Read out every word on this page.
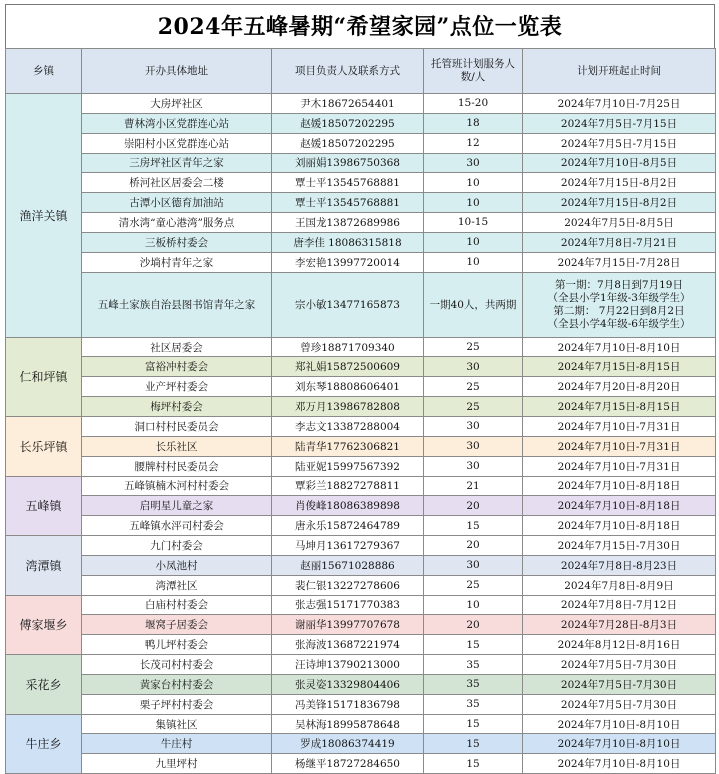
2024年五峰暑期“希望家园”点位一览表
乡镇	开办具体地址	项目负责人及联系方式	托管班计划服务人数/人	计划开班起止时间
渔洋关镇	大房坪社区	尹木18672654401	15-20	2024年7月10日-7月25日
	曹林湾小区党群连心站	赵媛18507202295	18	2024年7月5日-7月15日
	崇阳村小区党群连心站	赵媛18507202295	12	2024年7月5日-7月15日
	三房坪社区青年之家	刘丽娟13986750368	30	2024年7月10日-8月5日
	桥河社区居委会二楼	覃士平13545768881	10	2024年7月15日-8月2日
	古潭小区德育加油站	覃士平13545768881	10	2024年7月15日-8月2日
	清水湾“童心港湾”服务点	王国龙13872689986	10-15	2024年7月5日-8月5日
	三板桥村委会	唐李佳 18086315818	10	2024年7月8日-7月21日
	沙埫村青年之家	李宏艳13997720014	10	2024年7月15日-7月28日
	五峰土家族自治县图书馆青年之家	宗小敏13477165873	一期40人，共两期	第一期：7月8日到7月19日
（全县小学1年级-3年级学生）
第二期： 7月22日到8月2日
（全县小学4年级-6年级学生）

仁和坪镇	社区居委会	曾珍18871709340	25	2024年7月10日-8月10日
	富裕冲村委会	郑礼娟15872500609	30	2024年7月15日-8月15日
	业产坪村委会	刘东琴18808606401	25	2024年7月20日-8月20日
	梅坪村委会	邓万月13986782808	25	2024年7月15日-8月15日
长乐坪镇	洞口村村民委员会	李志文13387288004	30	2024年7月10日-7月31日
	长乐社区	陆青华17762306821	30	2024年7月10日-7月31日
	腰牌村村民委员会	陆亚妮15997567392	30	2024年7月10日-7月31日
五峰镇	五峰镇楠木河村村委会	覃彩兰18827278811	21	2024年7月10日-8月18日
	启明星儿童之家	肖俊峰18086389898	20	2024年7月10日-8月18日
	五峰镇水泙司村委会	唐永乐15872464789	15	2024年7月10日-8月18日
湾潭镇	九门村委会	马坤月13617279367	20	2024年7月15日-7月30日
	小凤池村	赵丽15671028886	30	2024年7月8日-8月23日
	湾潭社区	裴仁银13227278606	25	2024年7月8日-8月9日
傅家堰乡	白庙村村委会	张志强15171770383	10	2024年7月8日-7月12日
	堰窝子居委会	谢丽华13997707678	20	2024年7月28日-8月3日
	鸭儿坪村委会	张海波13687221974	15	2024年8月12日-8月16日
采花乡	长茂司村村委会	汪诗坤13790213000	35	2024年7月5日-7月30日
	黄家台村村委会	张灵姿13329804406	35	2024年7月5日-7月30日
	栗子坪村村委会	冯美锋15171836798	35	2024年7月5日-7月30日
牛庄乡	集镇社区	吴林海18995878648	15	2024年7月10日-8月10日
	牛庄村	罗成18086374419	15	2024年7月10日-8月10日
	九里坪村	杨继平18727284650	15	2024年7月10日-8月10日
